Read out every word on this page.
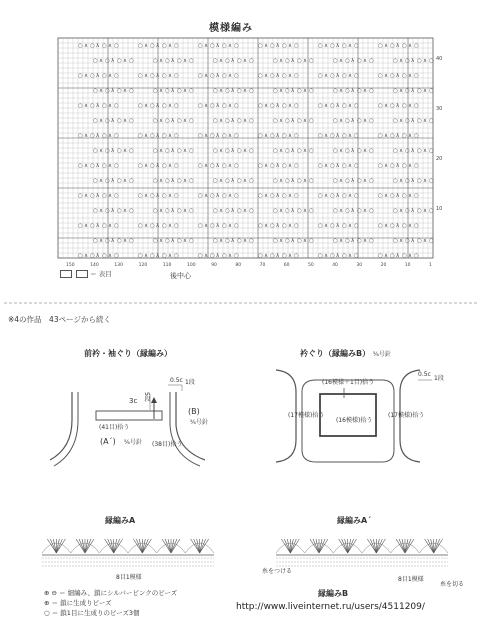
模様編み
○ ∧ ○ λ ○ ∧ ○	○ ∧ ○ λ ○ ∧ ○	○ ∧ ○ λ ○ ∧ ○	○ ∧ ○ λ ○ ∧ ○	○ ∧ ○ λ ○ ∧ ○	○ ∧ ○ λ ○ ∧ ○
○ ∧ ○ λ ○ ∧ ○	○ ∧ ○ λ ○ ∧ ○	○ ∧ ○ λ ○ ∧ ○	○ ∧ ○ λ ○ ∧ ○	○ ∧ ○ λ ○ ∧ ○	○ ∧ ○ λ ○ ∧ ○
○ ∧ ○ λ ○ ∧ ○	○ ∧ ○ λ ○ ∧ ○	○ ∧ ○ λ ○ ∧ ○	○ ∧ ○ λ ○ ∧ ○	○ ∧ ○ λ ○ ∧ ○	○ ∧ ○ λ ○ ∧ ○
○ ∧ ○ λ ○ ∧ ○	○ ∧ ○ λ ○ ∧ ○	○ ∧ ○ λ ○ ∧ ○	○ ∧ ○ λ ○ ∧ ○	○ ∧ ○ λ ○ ∧ ○	○ ∧ ○ λ ○ ∧ ○
○ ∧ ○ λ ○ ∧ ○	○ ∧ ○ λ ○ ∧ ○	○ ∧ ○ λ ○ ∧ ○	○ ∧ ○ λ ○ ∧ ○	○ ∧ ○ λ ○ ∧ ○	○ ∧ ○ λ ○ ∧ ○
○ ∧ ○ λ ○ ∧ ○	○ ∧ ○ λ ○ ∧ ○	○ ∧ ○ λ ○ ∧ ○	○ ∧ ○ λ ○ ∧ ○	○ ∧ ○ λ ○ ∧ ○	○ ∧ ○ λ ○ ∧ ○
○ ∧ ○ λ ○ ∧ ○	○ ∧ ○ λ ○ ∧ ○	○ ∧ ○ λ ○ ∧ ○	○ ∧ ○ λ ○ ∧ ○	○ ∧ ○ λ ○ ∧ ○	○ ∧ ○ λ ○ ∧ ○
○ ∧ ○ λ ○ ∧ ○	○ ∧ ○ λ ○ ∧ ○	○ ∧ ○ λ ○ ∧ ○	○ ∧ ○ λ ○ ∧ ○	○ ∧ ○ λ ○ ∧ ○	○ ∧ ○ λ ○ ∧ ○
○ ∧ ○ λ ○ ∧ ○	○ ∧ ○ λ ○ ∧ ○	○ ∧ ○ λ ○ ∧ ○	○ ∧ ○ λ ○ ∧ ○	○ ∧ ○ λ ○ ∧ ○	○ ∧ ○ λ ○ ∧ ○
○ ∧ ○ λ ○ ∧ ○	○ ∧ ○ λ ○ ∧ ○	○ ∧ ○ λ ○ ∧ ○	○ ∧ ○ λ ○ ∧ ○	○ ∧ ○ λ ○ ∧ ○	○ ∧ ○ λ ○ ∧ ○
○ ∧ ○ λ ○ ∧ ○	○ ∧ ○ λ ○ ∧ ○	○ ∧ ○ λ ○ ∧ ○	○ ∧ ○ λ ○ ∧ ○	○ ∧ ○ λ ○ ∧ ○	○ ∧ ○ λ ○ ∧ ○
○ ∧ ○ λ ○ ∧ ○	○ ∧ ○ λ ○ ∧ ○	○ ∧ ○ λ ○ ∧ ○	○ ∧ ○ λ ○ ∧ ○	○ ∧ ○ λ ○ ∧ ○	○ ∧ ○ λ ○ ∧ ○
○ ∧ ○ λ ○ ∧ ○	○ ∧ ○ λ ○ ∧ ○	○ ∧ ○ λ ○ ∧ ○	○ ∧ ○ λ ○ ∧ ○	○ ∧ ○ λ ○ ∧ ○	○ ∧ ○ λ ○ ∧ ○
○ ∧ ○ λ ○ ∧ ○	○ ∧ ○ λ ○ ∧ ○	○ ∧ ○ λ ○ ∧ ○	○ ∧ ○ λ ○ ∧ ○	○ ∧ ○ λ ○ ∧ ○	○ ∧ ○ λ ○ ∧ ○
○ ∧ ○ λ ○ ∧ ○	○ ∧ ○ λ ○ ∧ ○	○ ∧ ○ λ ○ ∧ ○	○ ∧ ○ λ ○ ∧ ○	○ ∧ ○ λ ○ ∧ ○	○ ∧ ○ λ ○ ∧ ○
10
20
30
40
150	140	130	120	110	100	90	80	70	60	50	40	30	20	10	1
＝ 表目	後中心
※4の作品　43ページから続く
前衿・袖ぐり（縁編み）
3c 5段
0.5c 1段
(B)
⁵⁄₆号針
(41目)拾う
(A´) ⁵⁄₆号針 (38目)拾う
衿ぐり（縁編みB） ⁵⁄₆号針
(16模様＋1目)拾う
(17模様)拾う	(17模様)拾う
(16模様)拾う
0.5c
1段
縁編みA
8目1模様
縁編みA´
8目1模様
糸をつける
糸を切る
⊕ ⊖ ＝ 細編み、鎖にシルバーピンクのビーズ
⊕ ＝ 鎖に生成りビーズ
○ ＝ 鎖1目に生成りのビーズ3個
縁編みB
http://www.liveinternet.ru/users/4511209/
